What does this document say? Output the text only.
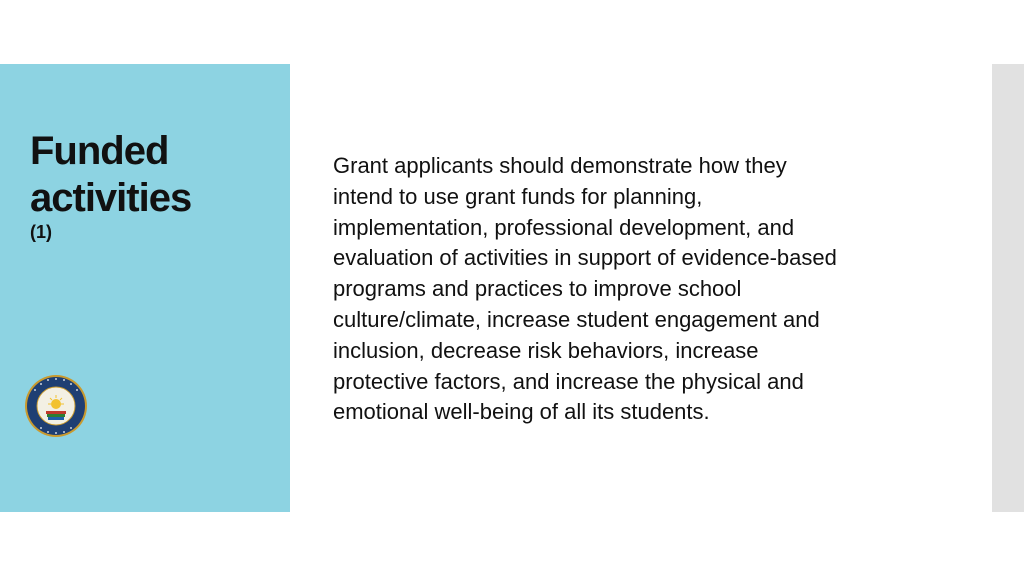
Funded
activities
(1)
Grant applicants should demonstrate how they
intend to use grant funds for planning,
implementation, professional development, and
evaluation of activities in support of evidence-based
programs and practices to improve school
culture/climate, increase student engagement and
inclusion, decrease risk behaviors, increase
protective factors, and increase the physical and
emotional well-being of all its students.
